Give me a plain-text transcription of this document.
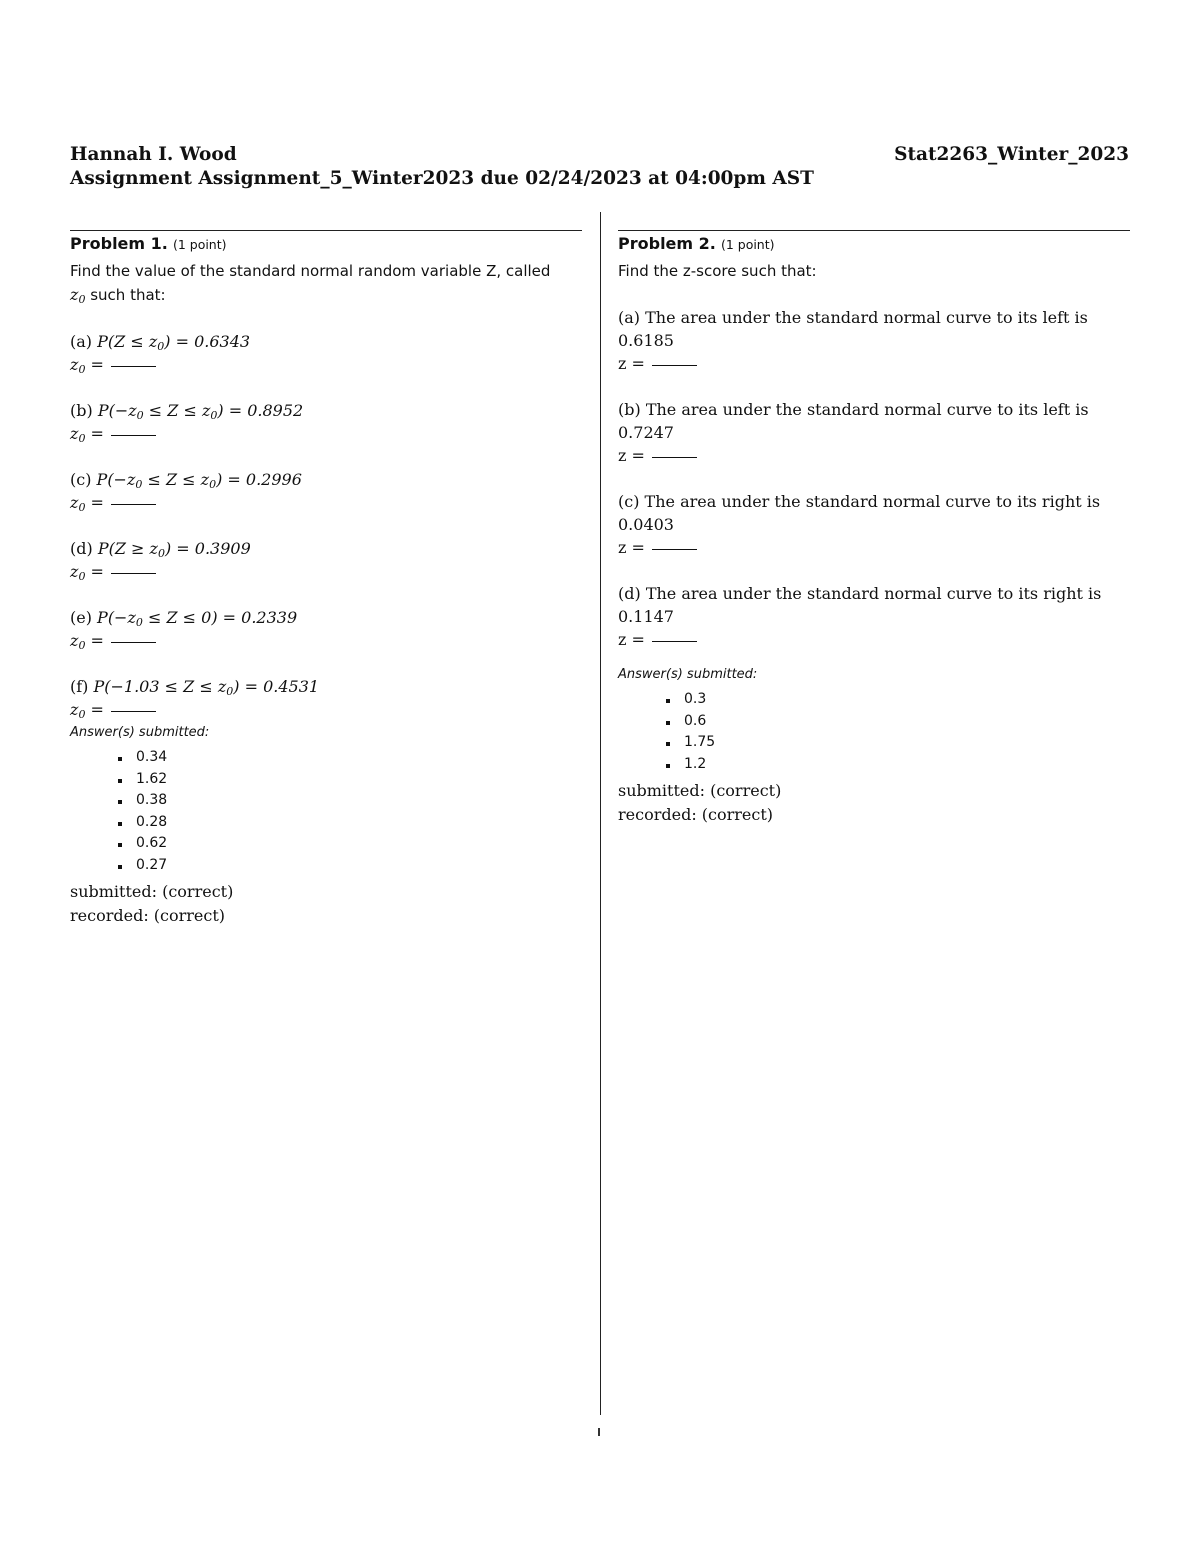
Hannah I. Wood
Assignment Assignment_5_Winter2023 due 02/24/2023 at 04:00pm AST
Stat2263_Winter_2023
Problem 1. (1 point)
Find the value of the standard normal random variable Z, called
$z_0$ such that:
(a) $P(Z \le z_0) = 0.6343$
$z_0$ =
(b) $P(-z_0 \le Z \le z_0) = 0.8952$
$z_0$ =
(c) $P(-z_0 \le Z \le z_0) = 0.2996$
$z_0$ =
(d) $P(Z \ge z_0) = 0.3909$
$z_0$ =
(e) $P(-z_0 \le Z \le 0) = 0.2339$
$z_0$ =
(f) $P(-1.03 \le Z \le z_0) = 0.4531$
$z_0$ =
Answer(s) submitted:
0.34
1.62
0.38
0.28
0.62
0.27
submitted: (correct)
recorded: (correct)
Problem 2. (1 point)
Find the z-score such that:
(a) The area under the standard normal curve to its left is 0.6185
z =
(b) The area under the standard normal curve to its left is 0.7247
z =
(c) The area under the standard normal curve to its right is 0.0403
z =
(d) The area under the standard normal curve to its right is 0.1147
z =
Answer(s) submitted:
0.3
0.6
1.75
1.2
submitted: (correct)
recorded: (correct)
